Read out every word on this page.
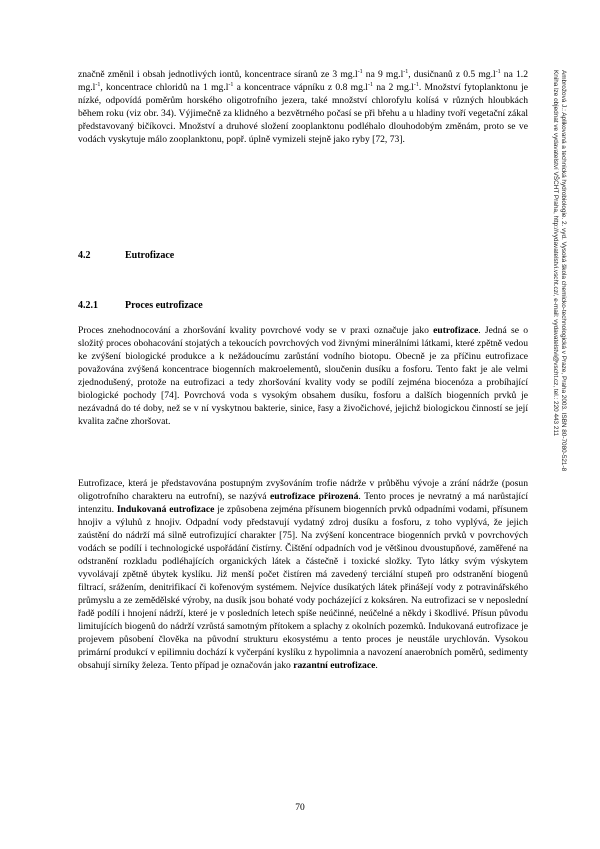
značně změnil i obsah jednotlivých iontů, koncentrace síranů ze 3 $mg.l^{-1}$ na 9 $mg.l^{-1}$, dusičnanů z 0.5 $mg.l^{-1}$ na 1.2 $mg.l^{-1}$, koncentrace chloridů na 1 $mg.l^{-1}$ a koncentrace vápníku z 0.8 $mg.l^{-1}$ na 2 $mg.l^{-1}$. Množství fytoplanktonu je nízké, odpovídá poměrům horského oligotrofního jezera, také množství chlorofylu kolísá v různých hloubkách během roku (viz obr. 34). Výjimečně za klidného a bezvětrného počasí se při břehu a u hladiny tvoří vegetační zákal představovaný bičíkovci. Množství a druhové složení zooplanktonu podléhalo dlouhodobým změnám, proto se ve vodách vyskytuje málo zooplanktonu, popř. úplně vymizeli stejně jako ryby [72, 73].

4.2	Eutrofizace
4.2.1	Proces eutrofizace

Proces znehodnocování a zhoršování kvality povrchové vody se v praxi označuje jako eutrofizace. Jedná se o složitý proces obohacování stojatých a tekoucích povrchových vod živnými minerálními látkami, které zpětně vedou ke zvýšení biologické produkce a k nežádoucímu zarůstání vodního biotopu. Obecně je za příčinu eutrofizace považována zvýšená koncentrace biogenních makroelementů, sloučenin dusíku a fosforu. Tento fakt je ale velmi zjednodušený, protože na eutrofizaci a tedy zhoršování kvality vody se podílí zejména biocenóza a probíhající biologické pochody [74]. Povrchová voda s vysokým obsahem dusíku, fosforu a dalších biogenních prvků je nezávadná do té doby, než se v ní vyskytnou bakterie, sinice, řasy a živočichové, jejichž biologickou činností se její kvalita začne zhoršovat.

Eutrofizace, která je představována postupným zvyšováním trofie nádrže v průběhu vývoje a zrání nádrže (posun oligotrofního charakteru na eutrofní), se nazývá eutrofizace přirozená. Tento proces je nevratný a má narůstající intenzitu. Indukovaná eutrofizace je způsobena zejména přísunem biogenních prvků odpadními vodami, přísunem hnojiv a výluhů z hnojiv. Odpadní vody představují vydatný zdroj dusíku a fosforu, z toho vyplývá, že jejich zaústění do nádrží má silně eutrofizující charakter [75]. Na zvýšení koncentrace biogenních prvků v povrchových vodách se podílí i technologické uspořádání čistírny. Čištění odpadních vod je většinou dvoustupňové, zaměřené na odstranění rozkladu podléhajících organických látek a částečně i toxické složky. Tyto látky svým výskytem vyvolávají zpětně úbytek kyslíku. Již menší počet čistíren má zavedený terciální stupeň pro odstranění biogenů filtrací, srážením, denitrifikací či kořenovým systémem. Nejvíce dusíkatých látek přinášejí vody z potravinářského průmyslu a ze zemědělské výroby, na dusík jsou bohaté vody pocházející z koksáren. Na eutrofizaci se v neposlední řadě podílí i hnojení nádrží, které je v posledních letech spíše neúčinné, neúčelné a někdy i škodlivé. Přísun původu limitujících biogenů do nádrží vzrůstá samotným přítokem a splachy z okolních pozemků. Indukovaná eutrofizace je projevem působení člověka na původní strukturu ekosystému a tento proces je neustále urychlován. Vysokou primární produkcí v epilimniu dochází k vyčerpání kyslíku z hypolimnia a navození anaerobních poměrů, sedimenty obsahují sirníky železa. Tento případ je označován jako razantní eutrofizace.

Ambrožová J.: Aplikovaná a technická hydrobiologie. 2. vyd. Vysoká škola chemicko-technologická v Praze, Praha 2003. ISBN 80-7080-521-8
Kniha lze objednat ve vydavatelství VŠCHT Praha, http://vydavatelstvi.vscht.cz/, e-mail: vydavatelstvi@vscht.cz, tel.: 220 443 211
70
